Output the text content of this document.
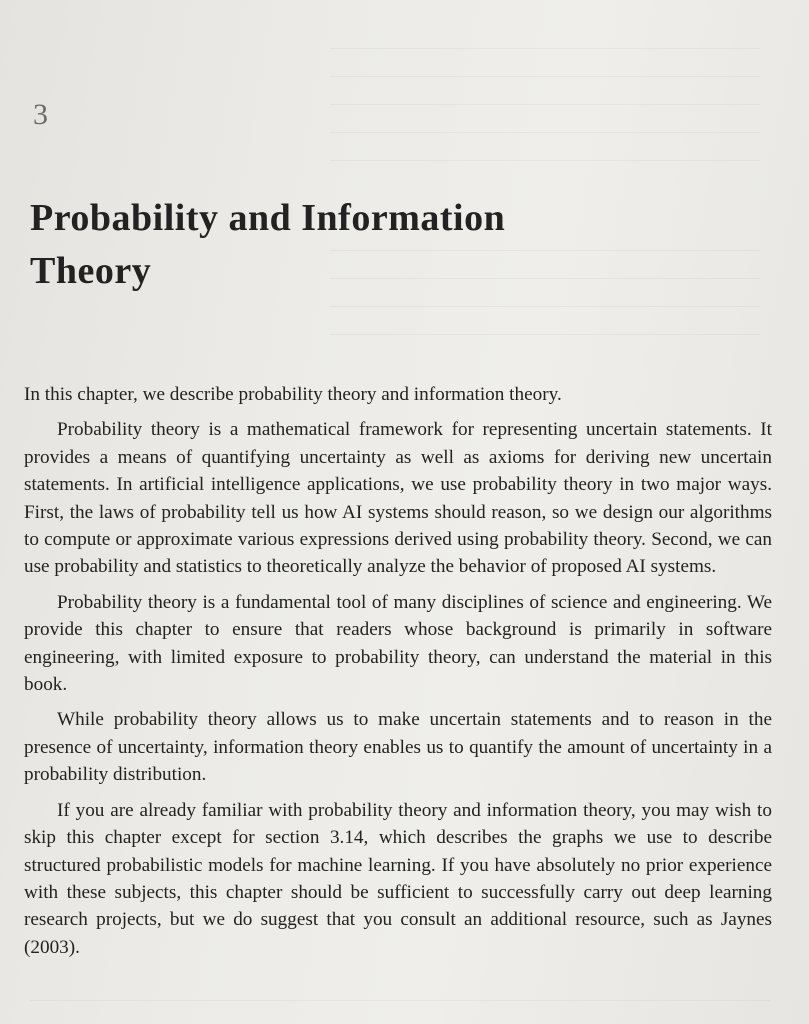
3
Probability and Information
Theory

In this chapter, we describe probability theory and information theory.

Probability theory is a mathematical framework for representing uncertain statements. It provides a means of quantifying uncertainty as well as axioms for deriving new uncertain statements. In artificial intelligence applications, we use probability theory in two major ways. First, the laws of probability tell us how AI systems should reason, so we design our algorithms to compute or approximate various expressions derived using probability theory. Second, we can use probability and statistics to theoretically analyze the behavior of proposed AI systems.

Probability theory is a fundamental tool of many disciplines of science and engineering. We provide this chapter to ensure that readers whose background is primarily in software engineering, with limited exposure to probability theory, can understand the material in this book.

While probability theory allows us to make uncertain statements and to reason in the presence of uncertainty, information theory enables us to quantify the amount of uncertainty in a probability distribution.

If you are already familiar with probability theory and information theory, you may wish to skip this chapter except for section 3.14, which describes the graphs we use to describe structured probabilistic models for machine learning. If you have absolutely no prior experience with these subjects, this chapter should be sufficient to successfully carry out deep learning research projects, but we do suggest that you consult an additional resource, such as Jaynes (2003).
